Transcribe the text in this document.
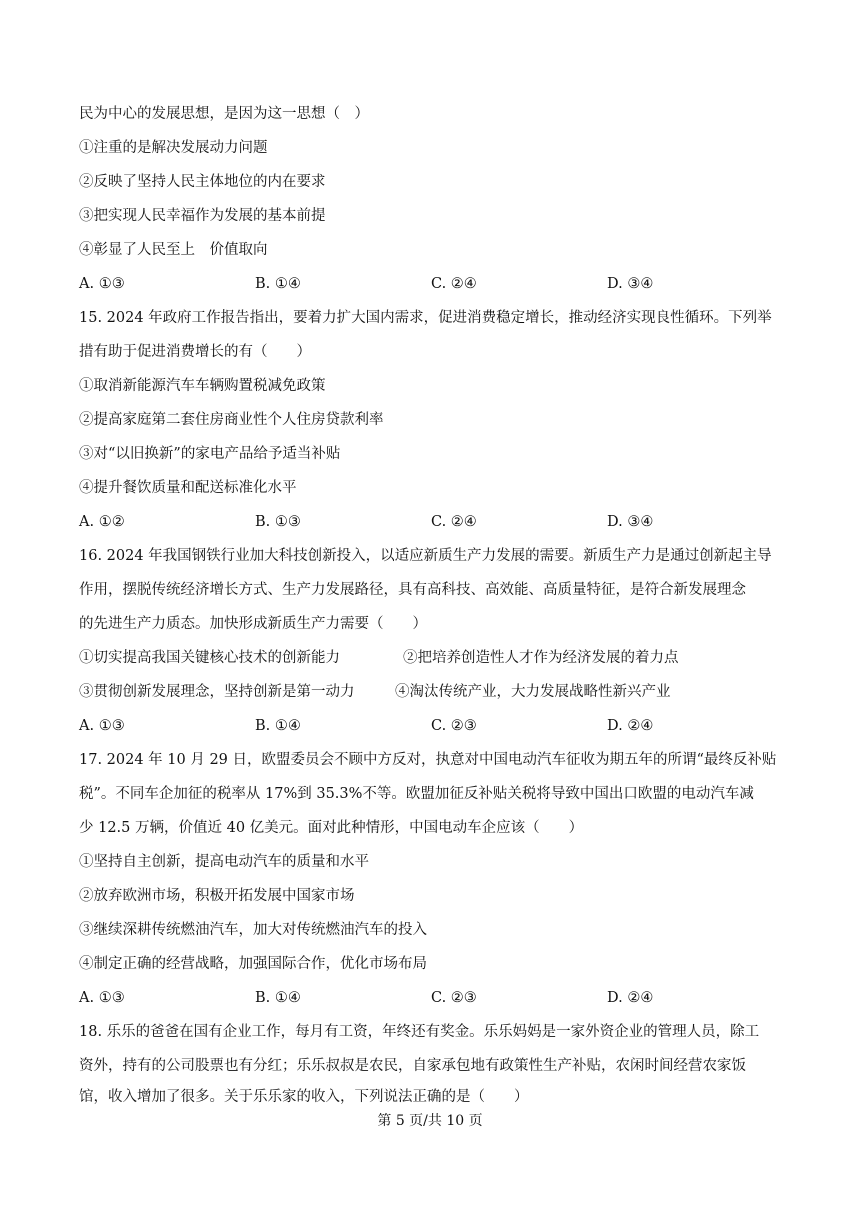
民为中心的发展思想，是因为这一思想（　）
①注重的是解决发展动力问题
②反映了坚持人民主体地位的内在要求
③把实现人民幸福作为发展的基本前提
④彰显了人民至上　价值取向
A. ①③	B. ①④	C. ②④	D. ③④
15. 2024 年政府工作报告指出，要着力扩大国内需求，促进消费稳定增长，推动经济实现良性循环。下列举
措有助于促进消费增长的有（　　）
①取消新能源汽车车辆购置税减免政策
②提高家庭第二套住房商业性个人住房贷款利率
③对“以旧换新”的家电产品给予适当补贴
④提升餐饮质量和配送标准化水平
A. ①②	B. ①③	C. ②④	D. ③④
16. 2024 年我国钢铁行业加大科技创新投入，以适应新质生产力发展的需要。新质生产力是通过创新起主导
作用，摆脱传统经济增长方式、生产力发展路径，具有高科技、高效能、高质量特征，是符合新发展理念
的先进生产力质态。加快形成新质生产力需要（　　）
①切实提高我国关键核心技术的创新能力	②把培养创造性人才作为经济发展的着力点
③贯彻创新发展理念，坚持创新是第一动力	④淘汰传统产业，大力发展战略性新兴产业
A. ①③	B. ①④	C. ②③	D. ②④
17. 2024 年 10 月 29 日，欧盟委员会不顾中方反对，执意对中国电动汽车征收为期五年的所谓“最终反补贴
税”。不同车企加征的税率从 17%到 35.3%不等。欧盟加征反补贴关税将导致中国出口欧盟的电动汽车减
少 12.5 万辆，价值近 40 亿美元。面对此种情形，中国电动车企应该（　　）
①坚持自主创新，提高电动汽车的质量和水平
②放弃欧洲市场，积极开拓发展中国家市场
③继续深耕传统燃油汽车，加大对传统燃油汽车的投入
④制定正确的经营战略，加强国际合作，优化市场布局
A. ①③	B. ①④	C. ②③	D. ②④
18. 乐乐的爸爸在国有企业工作，每月有工资，年终还有奖金。乐乐妈妈是一家外资企业的管理人员，除工
资外，持有的公司股票也有分红；乐乐叔叔是农民，自家承包地有政策性生产补贴，农闲时间经营农家饭
馆，收入增加了很多。关于乐乐家的收入，下列说法正确的是（　　）
第 5 页/共 10 页
